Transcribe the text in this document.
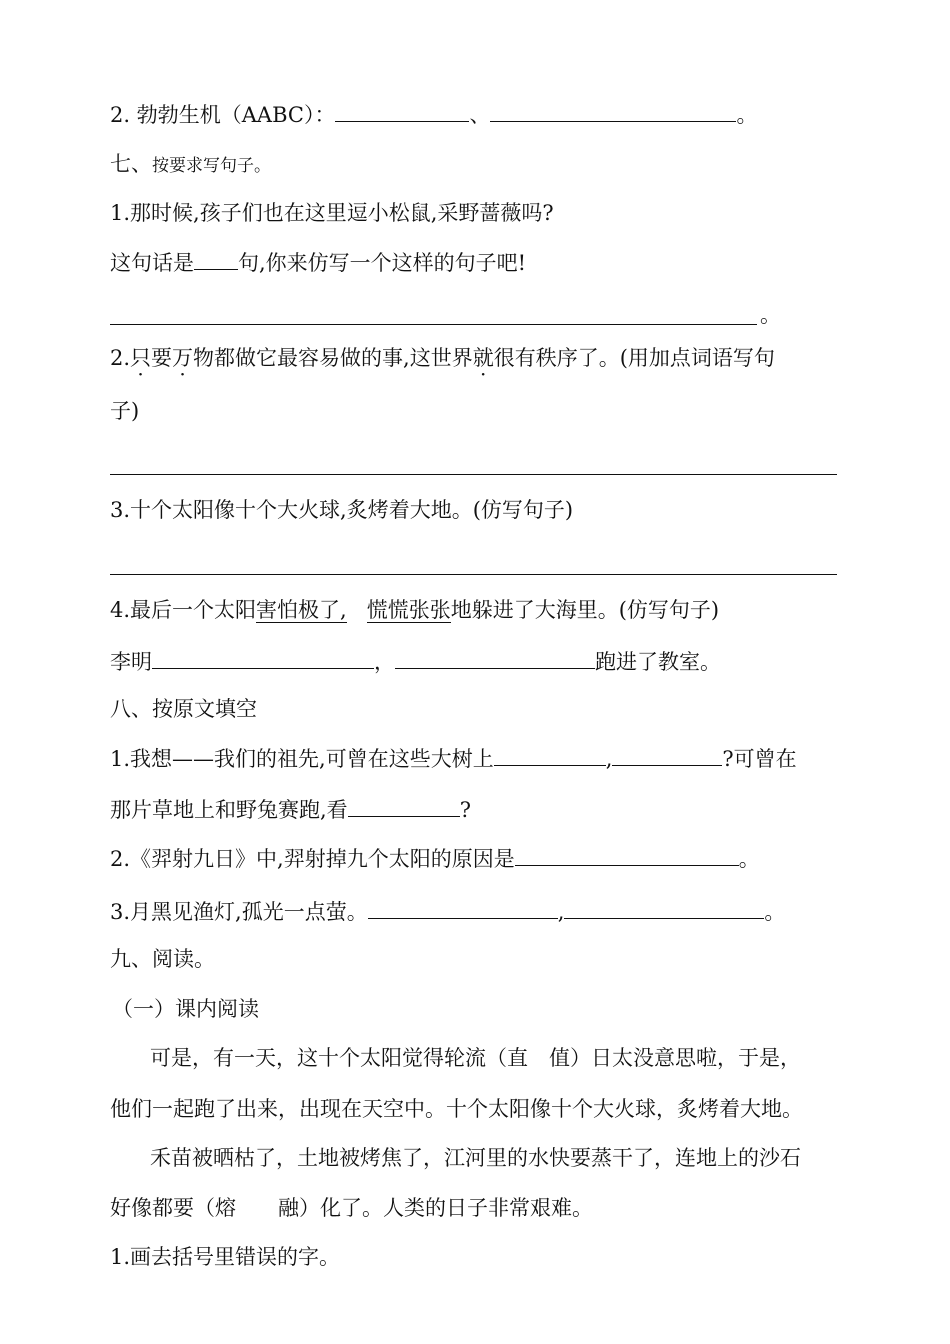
2. 勃勃生机（AABC）：	、	。
七、按要求写句子。
1.那时候,孩子们也在这里逗小松鼠,采野蔷薇吗?
这句话是 句,你来仿写一个这样的句子吧!
。
2.只要万物都做它最容易做的事,这世界就很有秩序了。(用加点词语写句
子)
3.十个太阳像十个大火球,炙烤着大地。(仿写句子)
4.最后一个太阳害怕极了, 慌慌张张地躲进了大海里。(仿写句子)
李明	，	跑进了教室。
八、按原文填空
1.我想——我们的祖先,可曾在这些大树上	,	?可曾在
那片草地上和野兔赛跑,看	?
2.《羿射九日》中,羿射掉九个太阳的原因是	。
3.月黑见渔灯,孤光一点萤。	,	。
九、阅读。
（一）课内阅读
可是，有一天，这十个太阳觉得轮流（直　值）日太没意思啦，于是，
他们一起跑了出来，出现在天空中。十个太阳像十个大火球，炙烤着大地。
禾苗被晒枯了，土地被烤焦了，江河里的水快要蒸干了，连地上的沙石
好像都要（熔　　融）化了。人类的日子非常艰难。
1.画去括号里错误的字。
